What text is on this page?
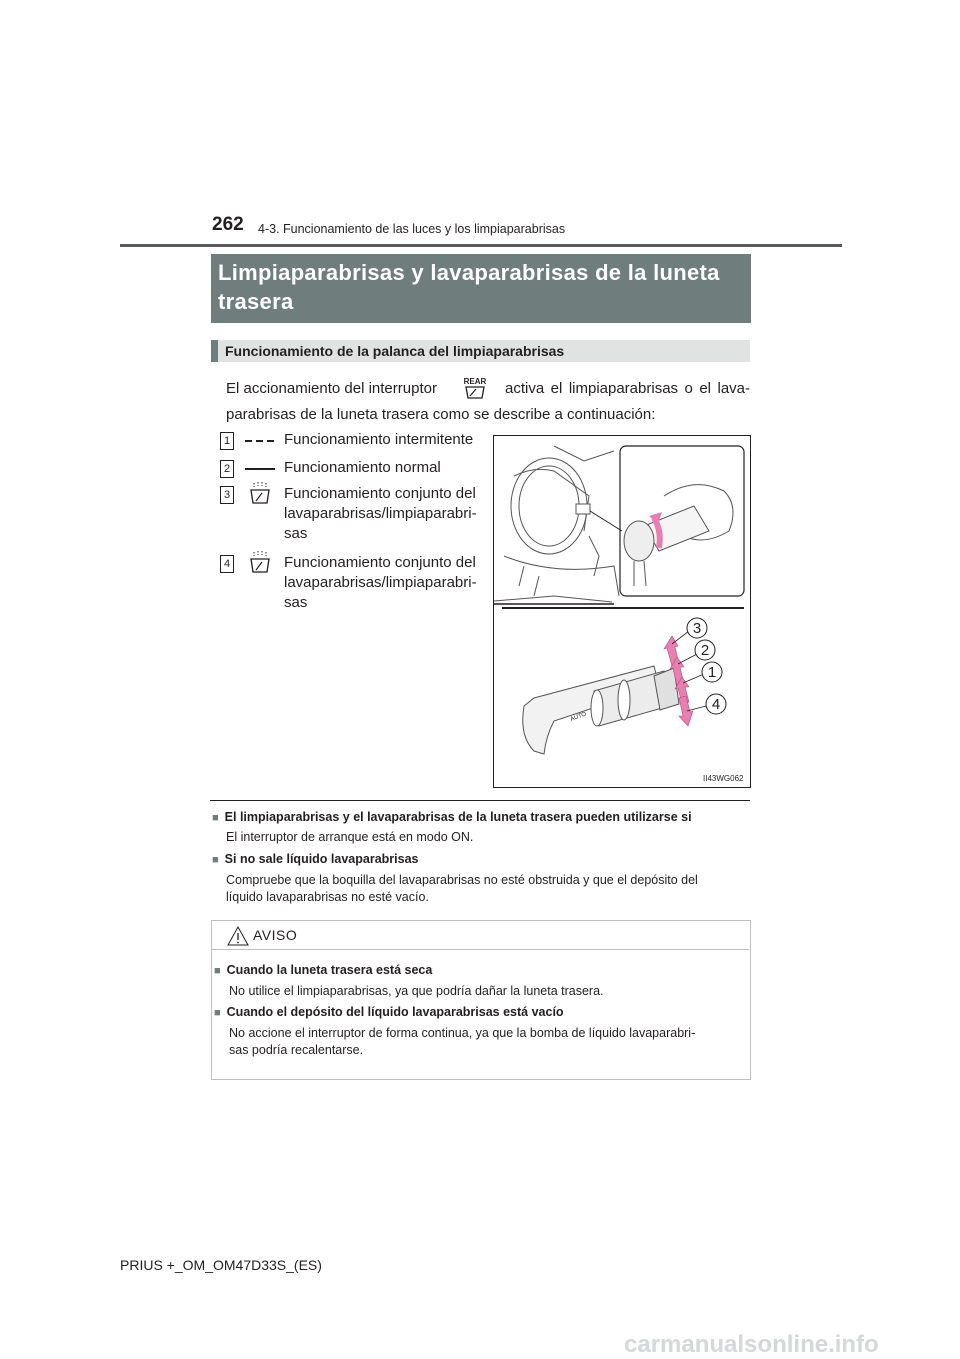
262 4-3. Funcionamiento de las luces y los limpiaparabrisas
Limpiaparabrisas y lavaparabrisas de la luneta
trasera
Funcionamiento de la palanca del limpiaparabrisas
El accionamiento del interruptor	REAR activa el limpiaparabrisas o el lava-
parabrisas de la luneta trasera como se describe a continuación:
1	Funcionamiento intermitente
2	Funcionamiento normal
3	Funcionamiento conjunto del
lavaparabrisas/limpiaparabri-
sas
4	Funcionamiento conjunto del
lavaparabrisas/limpiaparabri-
sas
AUTO
3
2
1
4
II43WG062
■ El limpiaparabrisas y el lavaparabrisas de la luneta trasera pueden utilizarse si
El interruptor de arranque está en modo ON.
■ Si no sale líquido lavaparabrisas
Compruebe que la boquilla del lavaparabrisas no esté obstruida y que el depósito del
líquido lavaparabrisas no esté vacío.
AVISO
■ Cuando la luneta trasera está seca
No utilice el limpiaparabrisas, ya que podría dañar la luneta trasera.
■ Cuando el depósito del líquido lavaparabrisas está vacío
No accione el interruptor de forma continua, ya que la bomba de líquido lavaparabri-
sas podría recalentarse.
PRIUS +_OM_OM47D33S_(ES)
carmanualsonline.info
